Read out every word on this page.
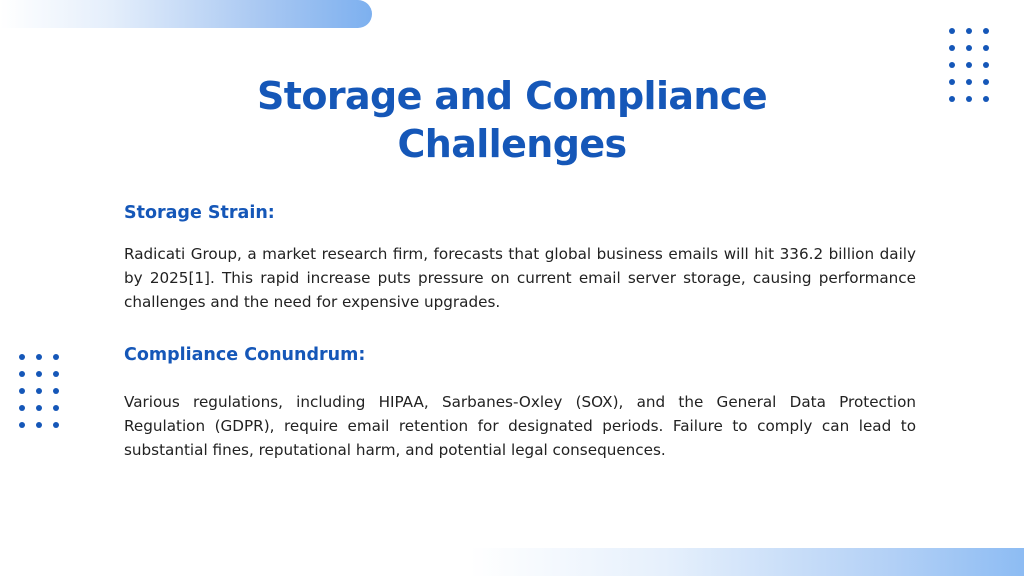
Storage and Compliance Challenges
Storage Strain:

Radicati Group, a market research firm, forecasts that global business emails will hit 336.2 billion daily by 2025[1]. This rapid increase puts pressure on current email server storage, causing performance challenges and the need for expensive upgrades.

Compliance Conundrum:

Various regulations, including HIPAA, Sarbanes-Oxley (SOX), and the General Data Protection Regulation (GDPR), require email retention for designated periods. Failure to comply can lead to substantial fines, reputational harm, and potential legal consequences.
